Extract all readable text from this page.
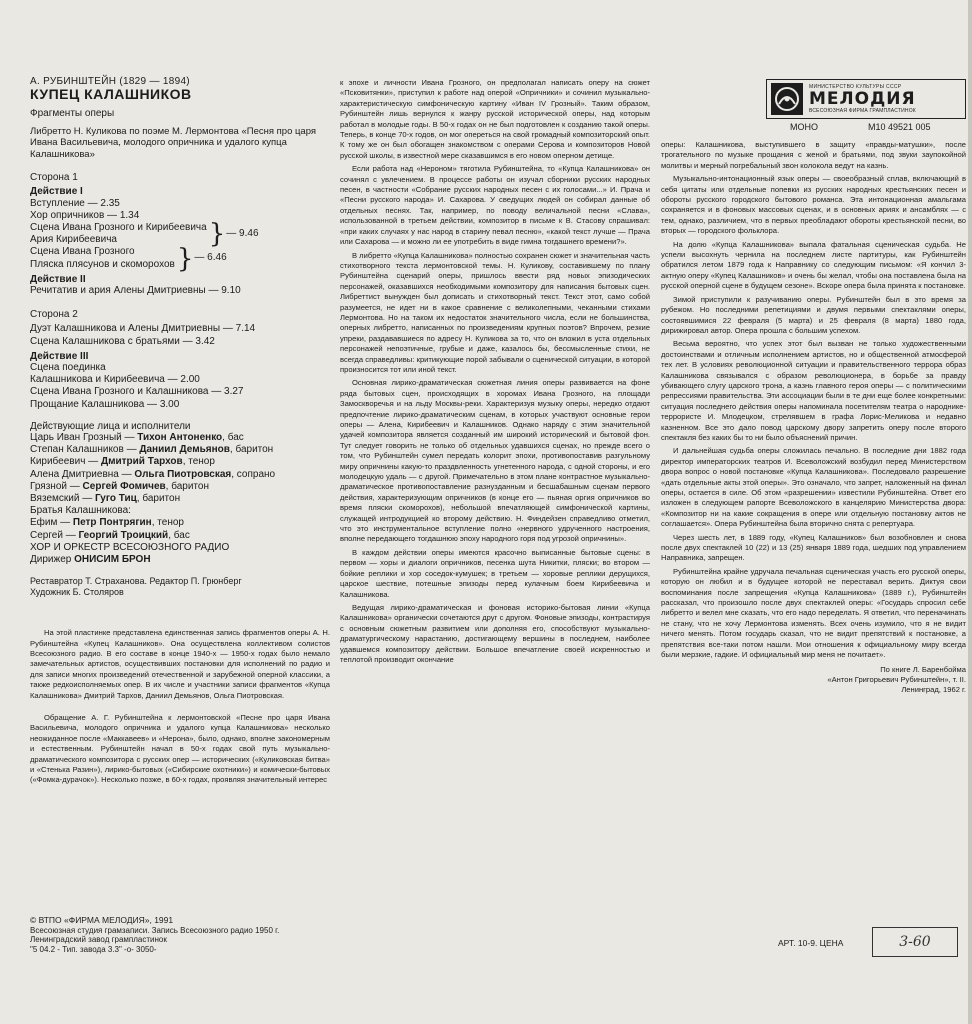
А. РУБИНШТЕЙН (1829 — 1894)
КУПЕЦ КАЛАШНИКОВ
Фрагменты оперы
Либретто Н. Куликова по поэме М. Лермонтова «Песня про царя Ивана Васильевича, молодого опричника и удалого купца Калашникова»
Сторона 1
Действие I
Вступление — 2.35
Хор опричников — 1.34
Сцена Ивана Грозного и Кирибеевича
Ария Кирибеевича	} — 9.46
Сцена Ивана Грозного
Пляска плясунов и скоморохов } — 6.46
Действие II
Речитатив и ария Алены Дмитриевны — 9.10
Сторона 2
Дуэт Калашникова и Алены Дмитриевны — 7.14
Сцена Калашникова с братьями — 3.42
Действие III
Сцена поединка
Калашникова и Кирибеевича — 2.00
Сцена Ивана Грозного и Калашникова — 3.27
Прощание Калашникова — 3.00
Действующие лица и исполнители
Царь Иван Грозный — Тихон Антоненко, бас
Степан Калашников — Даниил Демьянов, баритон
Кирибеевич — Дмитрий Тархов, тенор
Алена Дмитриевна — Ольга Пиотровская, сопрано
Грязной — Сергей Фомичев, баритон
Вяземский — Гуго Тиц, баритон
Братья Калашникова:
Ефим — Петр Понтрягин, тенор
Сергей — Георгий Троицкий, бас
ХОР И ОРКЕСТР ВСЕСОЮЗНОГО РАДИО
Дирижер ОНИСИМ БРОН
Реставратор Т. Страханова. Редактор П. Грюнберг
Художник Б. Столяров

На этой пластинке представлена единственная запись фрагментов оперы А. Н. Рубинштейна «Купец Калашников». Она осуществлена коллективом солистов Всесоюзного радио. В его составе в конце 1940-х — 1950-х годах было немало замечательных артистов, осуществивших постановки для исполнений по радио и для записи многих произведений отечественной и зарубежной оперной классики, а также редкоисполняемых опер. В их числе и участники записи фрагментов «Купца Калашникова» Дмитрий Тархов, Даниил Демьянов, Ольга Пиотровская.

Обращение А. Г. Рубинштейна к лермонтовской «Песне про царя Ивана Васильевича, молодого опричника и удалого купца Калашникова» несколько неожиданное после «Маккавеев» и «Нерона», было, однако, вполне закономерным и естественным. Рубинштейн начал в 50-х годах свой путь музыкально-драматического композитора с русских опер — исторических («Куликовская битва» и «Стенька Разин»), лирико-бытовых («Сибирские охотники») и комически-бытовых («Фомка-дурачок»). Несколько позже, в 60-х годах, проявляя значительный интерес

к эпохе и личности Ивана Грозного, он предполагал написать оперу на сюжет «Псковитянки», приступил к работе над оперой «Опричники» и сочинил музыкально-характеристическую симфоническую картину «Иван IV Грозный». Таким образом, Рубинштейн лишь вернулся к жанру русской исторической оперы, над которым работал в молодые годы. В 50-х годах он не был подготовлен к созданию такой оперы. Теперь, в конце 70-х годов, он мог опереться на свой громадный композиторский опыт. К тому же он был обогащен знакомством с операми Серова и композиторов Новой русской школы, в известной мере сказавшимся в его новом оперном детище.

Если работа над «Нероном» тяготила Рубинштейна, то «Купца Калашникова» он сочинял с увлечением. В процессе работы он изучал сборники русских народных песен, в частности «Собрание русских народных песен с их голосами...» И. Прача и «Песни русского народа» И. Сахарова. У сведущих людей он собирал данные об отдельных песнях. Так, например, по поводу величальной песни «Слава», использованной в третьем действии, композитор в письме к В. Стасову спрашивал: «при каких случаях у нас народ в старину певал песню», «какой текст лучше — Прача или Сахарова — и можно ли ее употребить в виде гимна тогдашнего времени?».

В либретто «Купца Калашникова» полностью сохранен сюжет и значительная часть стихотворного текста лермонтовской темы. Н. Куликову, составившему по плану Рубинштейна сценарий оперы, пришлось ввести ряд новых эпизодических персонажей, оказавшихся необходимыми композитору для написания бытовых сцен. Либреттист вынужден был дописать и стихотворный текст. Текст этот, само собой разумеется, не идет ни в какое сравнение с великолепными, чеканными стихами Лермонтова. Но на таком их недостаток значительного числа, если не большинства, оперных либретто, написанных по произведениям крупных поэтов? Впрочем, резкие упреки, раздававшиеся по адресу Н. Куликова за то, что он вложил в уста отдельных персонажей непоэтичные, грубые и даже, казалось бы, бессмысленные стихи, не всегда справедливы: критикующие порой забывали о сценической ситуации, в которой произносится тот или иной текст.

Основная лирико-драматическая сюжетная линия оперы развивается на фоне ряда бытовых сцен, происходящих в хоромах Ивана Грозного, на площади Замоскворечья и на льду Москвы-реки. Характеризуя музыку оперы, нередко отдают предпочтение лирико-драматическим сценам, в которых участвуют основные герои оперы — Алена, Кирибеевич и Калашников. Однако наряду с этим значительной удачей композитора является созданный им широкий исторический и бытовой фон. Тут следует говорить не только об отдельных удавшихся сценах, но прежде всего о том, что Рубинштейн сумел передать колорит эпохи, противопоставив разгульному миру опричнины какую-то праздвленность угнетенного народа, с одной стороны, и его молодецкую удаль — с другой. Примечательно в этом плане контрастное музыкально-драматическое противопоставление разнузданным и бесшабашным сценам первого действия, характеризующим опричников (в конце его — пьяная оргия опричников во время пляски скоморохов), небольшой впечатляющей симфонической картины, служащей интродукцией ко второму действию. Н. Финдейзен справедливо отметил, что это инструментальное вступление полно «нервного удрученного настроения, вполне передающего тогдашнюю эпоху народного горя под угрозой опричнины».

В каждом действии оперы имеются красочно выписанные бытовые сцены: в первом — хоры и диалоги опричников, песенка шута Никитки, пляски; во втором — бойкие реплики и хор соседок-кумушек; в третьем — хоровые реплики дерущихся, царское шествие, потешные эпизоды перед кулачным боем Кирибеевича и Калашникова.

Ведущая лирико-драматическая и фоновая историко-бытовая линии «Купца Калашникова» органически сочетаются друг с другом. Фоновые эпизоды, контрастируя с основным сюжетным развитием или дополняя его, способствуют музыкально-драматургическому нарастанию, достигающему вершины в последнем, наиболее удавшемся композитору действии. Большое впечатление своей искренностью и теплотой производит окончание

МИНИСТЕРСТВО КУЛЬТУРЫ СССР
МЕЛОДИЯ
ВСЕСОЮЗНАЯ ФИРМА ГРАМПЛАСТИНОК
МОНО	М10 49521 005

оперы: Калашникова, выступившего в защиту «правды-матушки», после трогательного по музыке прощания с женой и братьями, под звуки заупокойной молитвы и мерный погребальный звон колокола ведут на казнь.

Музыкально-интонационный язык оперы — своеобразный сплав, включающий в себя цитаты или отдельные попевки из русских народных крестьянских песен и обороты русского городского бытового романса. Эта интонационная амальгама сохраняется и в фоновых массовых сценах, и в основных ариях и ансамблях — с тем, однако, различием, что в первых преобладают обороты крестьянской песни, во вторых — городского фольклора.

На долю «Купца Калашникова» выпала фатальная сценическая судьба. Не успели высохнуть чернила на последнем листе партитуры, как Рубинштейн обратился летом 1879 года к Направнику со следующим письмом: «Я кончил 3-актную оперу «Купец Калашников» и очень бы желал, чтобы она поставлена была на русской оперной сцене в будущем сезоне». Вскоре опера была принята к постановке.

Зимой приступили к разучиванию оперы. Рубинштейн был в это время за рубежом. Но последними репетициями и двумя первыми спектаклями оперы, состоявшимися 22 февраля (5 марта) и 25 февраля (8 марта) 1880 года, дирижировал автор. Опера прошла с большим успехом.

Весьма вероятно, что успех этот был вызван не только художественными достоинствами и отличным исполнением артистов, но и общественной атмосферой тех лет. В условиях революционной ситуации и правительственного террора образ Калашникова связывался с образом революционера, в борьбе за правду убивающего слугу царского трона, а казнь главного героя оперы — с политическими репрессиями правительства. Эти ассоциации были в те дни еще более конкретными: ситуация последнего действия оперы напоминала посетителям театра о народнике-террористе И. Млодецком, стрелявшем в графа Лорис-Меликова и недавно казненном. Все это дало повод царскому двору запретить оперу после второго спектакля без каких бы то ни было объяснений причин.

И дальнейшая судьба оперы сложилась печально. В последние дни 1882 года директор императорских театров И. Всеволожский возбудил перед Министерством двора вопрос о новой постановке «Купца Калашникова». Последовало разрешение «дать отдельные акты этой оперы». Это означало, что запрет, наложенный на финал оперы, остается в силе. Об этом «разрешении» известили Рубинштейна. Ответ его изложен в следующем рапорте Всеволожского в канцелярию Министерства двора: «Композитор ни на какие сокращения в опере или отдельную постановку актов не соглашается». Опера Рубинштейна была вторично снята с репертуара.

Через шесть лет, в 1889 году, «Купец Калашников» был возобновлен и снова после двух спектаклей 10 (22) и 13 (25) января 1889 года, шедших под управлением Направника, запрещен.

Рубинштейна крайне удручала печальная сценическая участь его русской оперы, которую он любил и в будущее которой не переставал верить. Диктуя свои воспоминания после запрещения «Купца Калашникова» (1889 г.), Рубинштейн рассказал, что произошло после двух спектаклей оперы: «Государь спросил себе либретто и велел мне сказать, что его надо переделать. Я ответил, что переначинать не стану, что не хочу Лермонтова изменять. Всех очень изумило, что я не видит ничего менять. Потом государь сказал, что не видит препятствий к постановке, а препятствия все-таки потом нашли. Мои отношения к официальному миру всегда были мерзкие, гадкие. И официальный мир меня не почитает».

По книге Л. Баренбойма
«Антон Григорьевич Рубинштейн», т. II.
Ленинград, 1962 г.
© ВТПО «ФИРМА МЕЛОДИЯ», 1991
Всесоюзная студия грамзаписи. Запись Всесоюзного радио 1950 г.
Ленинградский завод грампластинок
"5 04.2 - Тип. завода 3.3" -о- 3050-
АРТ. 10-9. ЦЕНА	3-60
